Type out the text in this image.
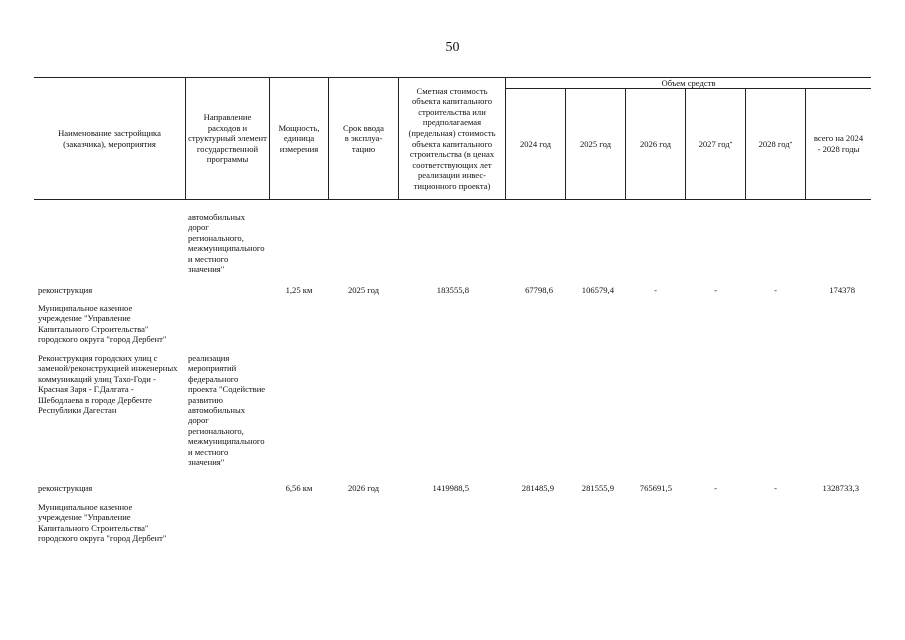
50
Наименование застройщика (заказчика), мероприятия
Направление расходов и структурный элемент государственной программы
Мощность, единица измерения
Срок ввода в эксплуатацию
Сметная стоимость объекта капитального строительства или предполагаемая (предельная) стоимость объекта капитального строительства (в ценах соответствующих лет реализации инвестиционного проекта)
Объем средств
2024 год	2025 год	2026 год	2027 год *	2028 год *
всего на 2024 - 2028 годы
автомобильных дорог регионального, межмуниципального и местного значения"
реконструкция	1,25 км	2025 год	183555,8	67798,6	106579,4	-	-	-	174378
Муниципальное казенное учреждение "Управление Капитального Строительства" городского округа "город Дербент"
Реконструкция городских улиц с заменой/реконструкцией инженерных коммуникаций улиц Тахо-Годи - Красная Заря - Г.Далгата - Шебодлаева в городе Дербенте Республики Дагестан
реализация мероприятий федерального проекта "Содействие развитию автомобильных дорог регионального, межмуниципального и местного значения"
реконструкция	6,56 км	2026 год	1419988,5	281485,9	281555,9	765691,5	-	-	1328733,3
Муниципальное казенное учреждение "Управление Капитального Строительства" городского округа "город Дербент"
